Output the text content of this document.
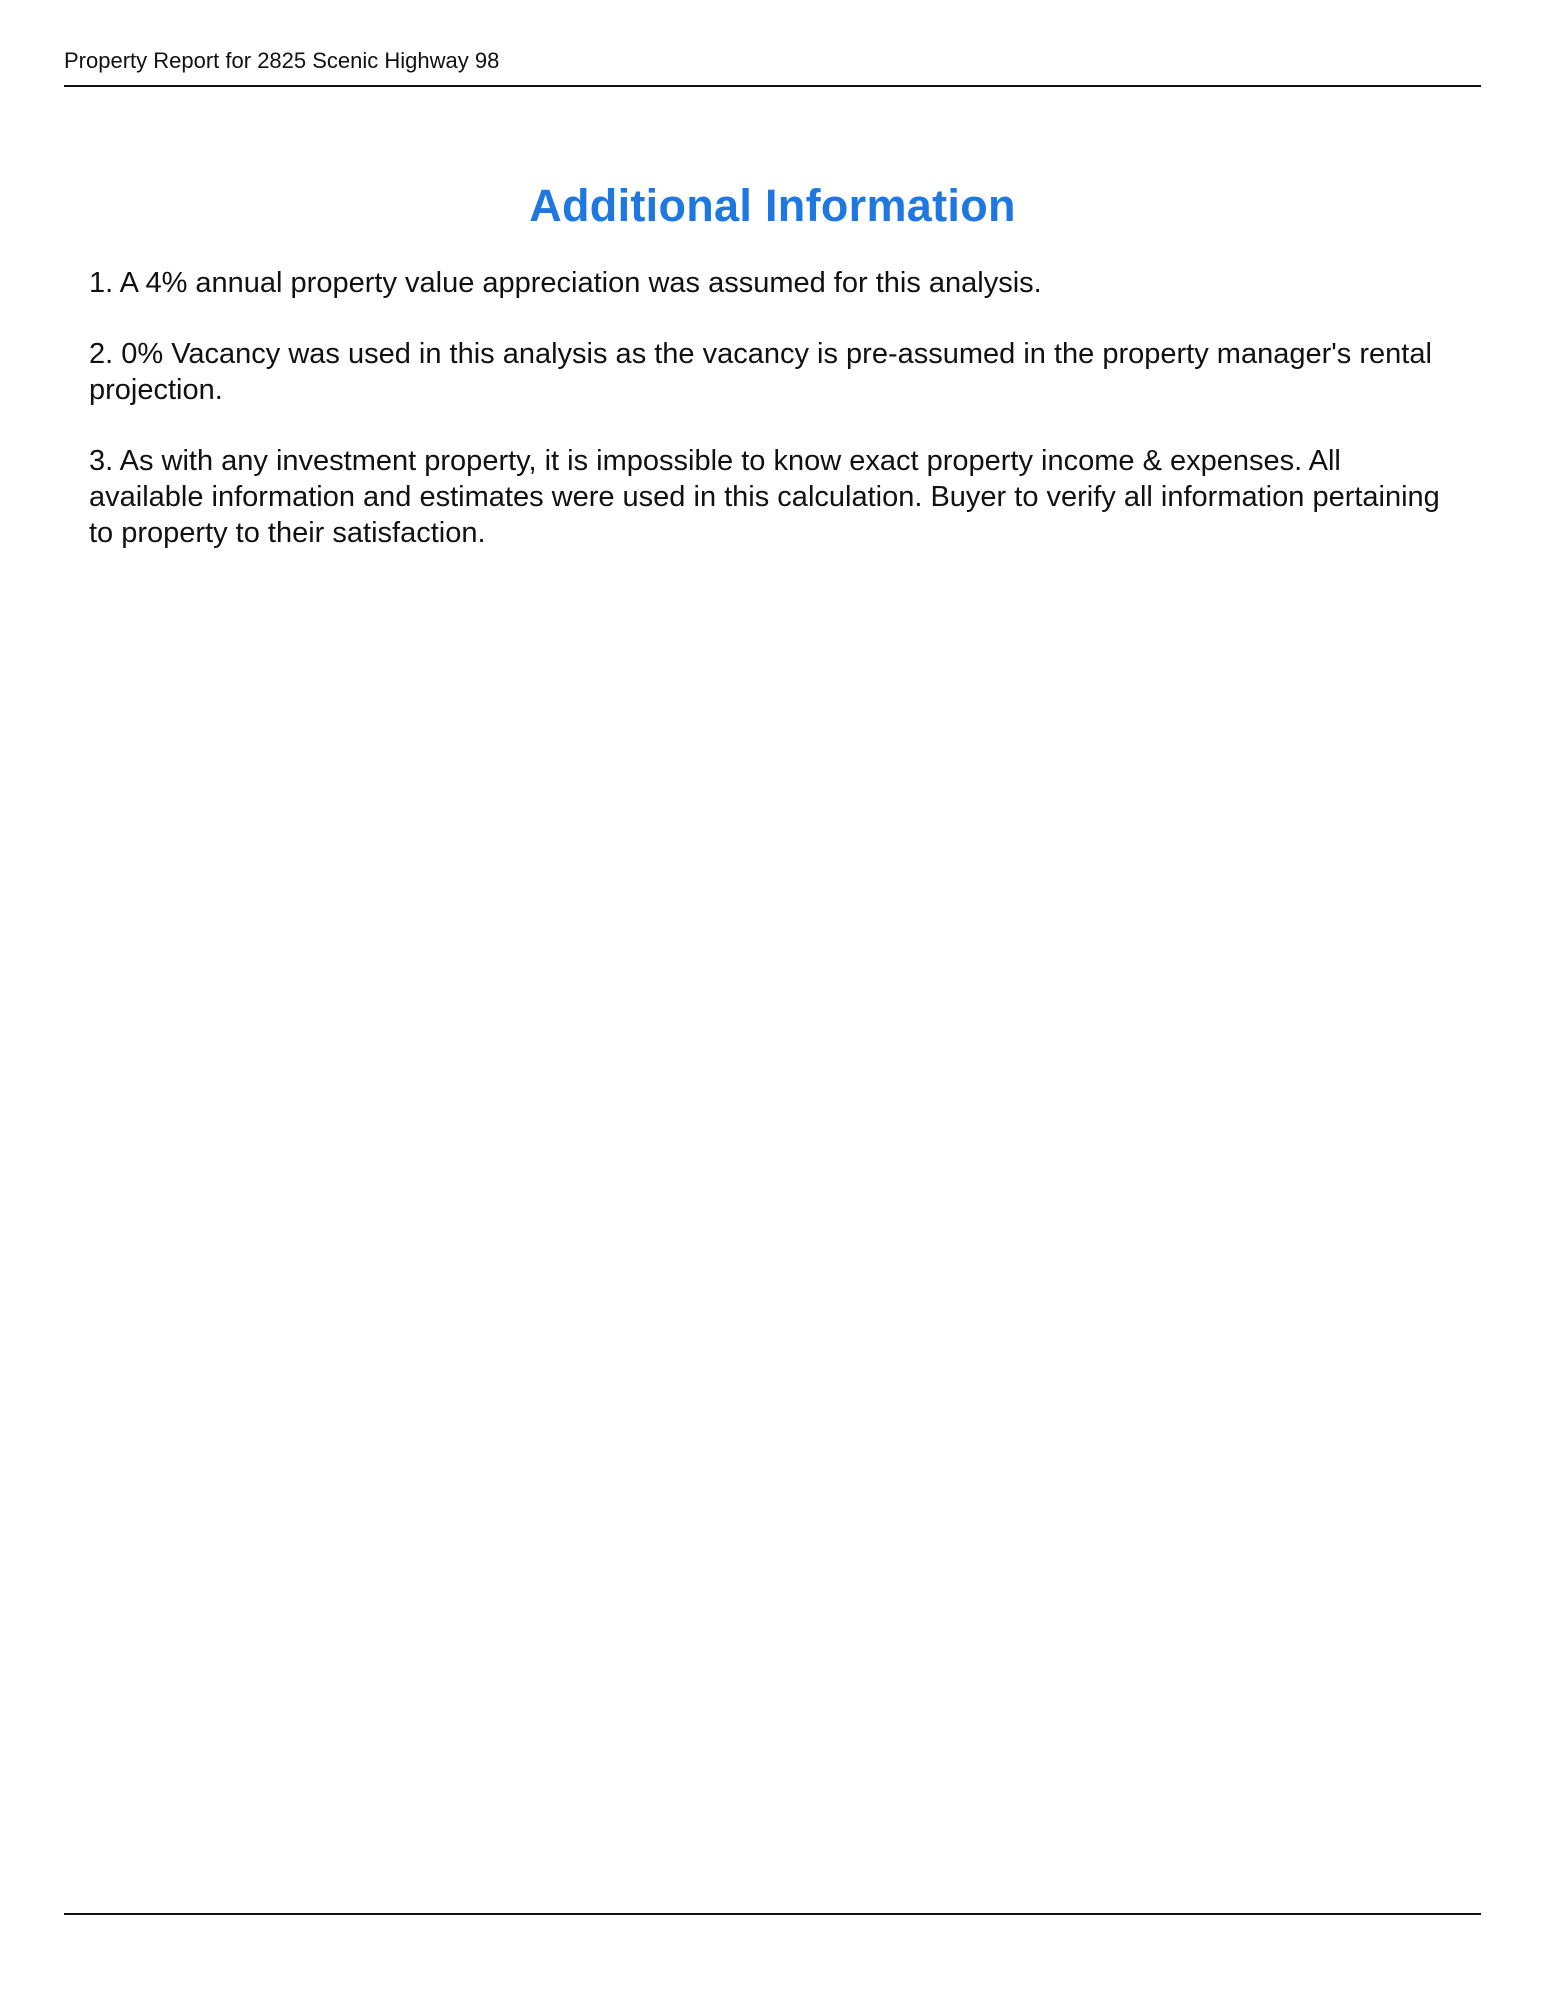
Property Report for 2825 Scenic Highway 98
Additional Information
1. A 4% annual property value appreciation was assumed for this analysis.
2. 0% Vacancy was used in this analysis as the vacancy is pre-assumed in the property manager's rental projection.
3. As with any investment property, it is impossible to know exact property income & expenses. All available information and estimates were used in this calculation. Buyer to verify all information pertaining to property to their satisfaction.
